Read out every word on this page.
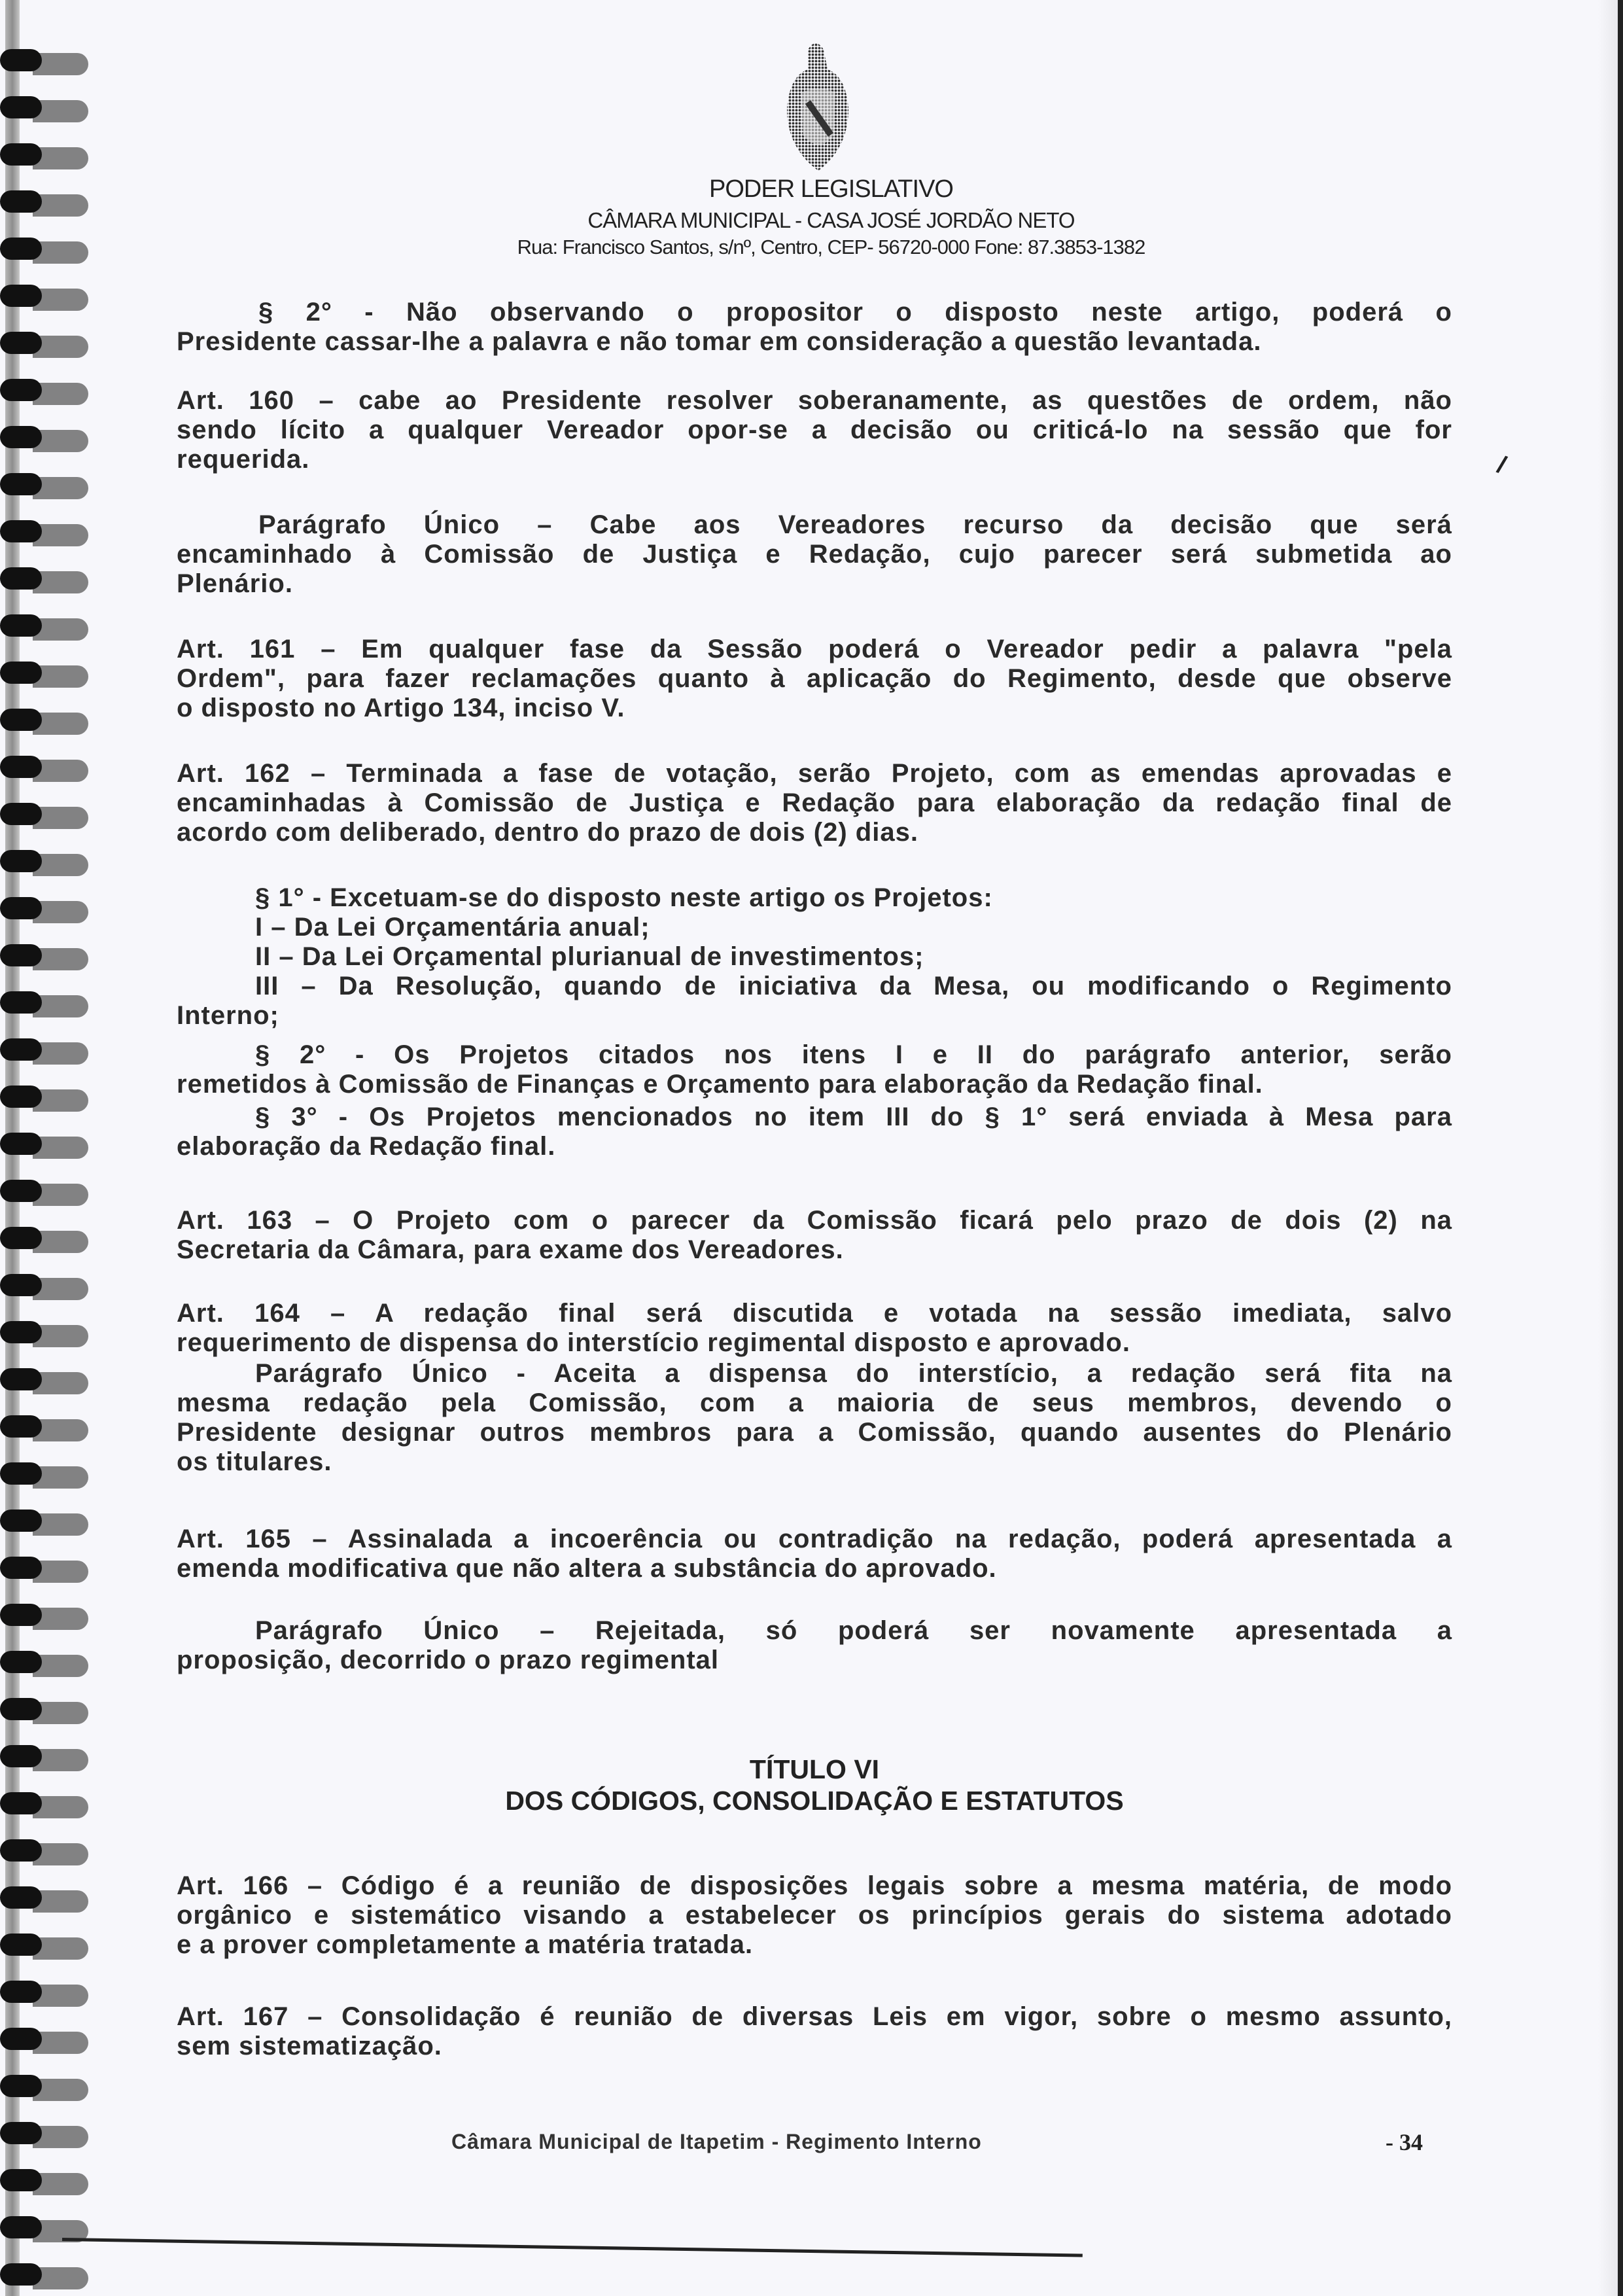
PODER LEGISLATIVO
CÂMARA MUNICIPAL - CASA JOSÉ JORDÃO NETO
Rua: Francisco Santos, s/nº, Centro, CEP- 56720-000 Fone: 87.3853-1382
§ 2° - Não observando o propositor o disposto neste artigo, poderá o
Presidente cassar-lhe a palavra e não tomar em consideração a questão levantada.
Art. 160 – cabe ao Presidente resolver soberanamente, as questões de ordem, não
sendo lícito a qualquer Vereador opor-se a decisão ou criticá-lo na sessão que for
requerida.
Parágrafo Único – Cabe aos Vereadores recurso da decisão que será
encaminhado à Comissão de Justiça e Redação, cujo parecer será submetida ao
Plenário.
Art. 161 – Em qualquer fase da Sessão poderá o Vereador pedir a palavra "pela
Ordem", para fazer reclamações quanto à aplicação do Regimento, desde que observe
o disposto no Artigo 134, inciso V.
Art. 162 – Terminada a fase de votação, serão Projeto, com as emendas aprovadas e
encaminhadas à Comissão de Justiça e Redação para elaboração da redação final de
acordo com deliberado, dentro do prazo de dois (2) dias.
§ 1° - Excetuam-se do disposto neste artigo os Projetos:
I – Da Lei Orçamentária anual;
II – Da Lei Orçamental plurianual de investimentos;
III – Da Resolução, quando de iniciativa da Mesa, ou modificando o Regimento
Interno;
§ 2° - Os Projetos citados nos itens I e II do parágrafo anterior, serão
remetidos à Comissão de Finanças e Orçamento para elaboração da Redação final.
§ 3° - Os Projetos mencionados no item III do § 1° será enviada à Mesa para
elaboração da Redação final.
Art. 163 – O Projeto com o parecer da Comissão ficará pelo prazo de dois (2) na
Secretaria da Câmara, para exame dos Vereadores.
Art. 164 – A redação final será discutida e votada na sessão imediata, salvo
requerimento de dispensa do interstício regimental disposto e aprovado.
Parágrafo Único - Aceita a dispensa do interstício, a redação será fita na
mesma redação pela Comissão, com a maioria de seus membros, devendo o
Presidente designar outros membros para a Comissão, quando ausentes do Plenário
os titulares.
Art. 165 – Assinalada a incoerência ou contradição na redação, poderá apresentada a
emenda modificativa que não altera a substância do aprovado.
Parágrafo Único – Rejeitada, só poderá ser novamente apresentada a
proposição, decorrido o prazo regimental
TÍTULO VI
DOS CÓDIGOS, CONSOLIDAÇÃO E ESTATUTOS
Art. 166 – Código é a reunião de disposições legais sobre a mesma matéria, de modo
orgânico e sistemático visando a estabelecer os princípios gerais do sistema adotado
e a prover completamente a matéria tratada.
Art. 167 – Consolidação é reunião de diversas Leis em vigor, sobre o mesmo assunto,
sem sistematização.
/
Câmara Municipal de Itapetim - Regimento Interno	- 34
